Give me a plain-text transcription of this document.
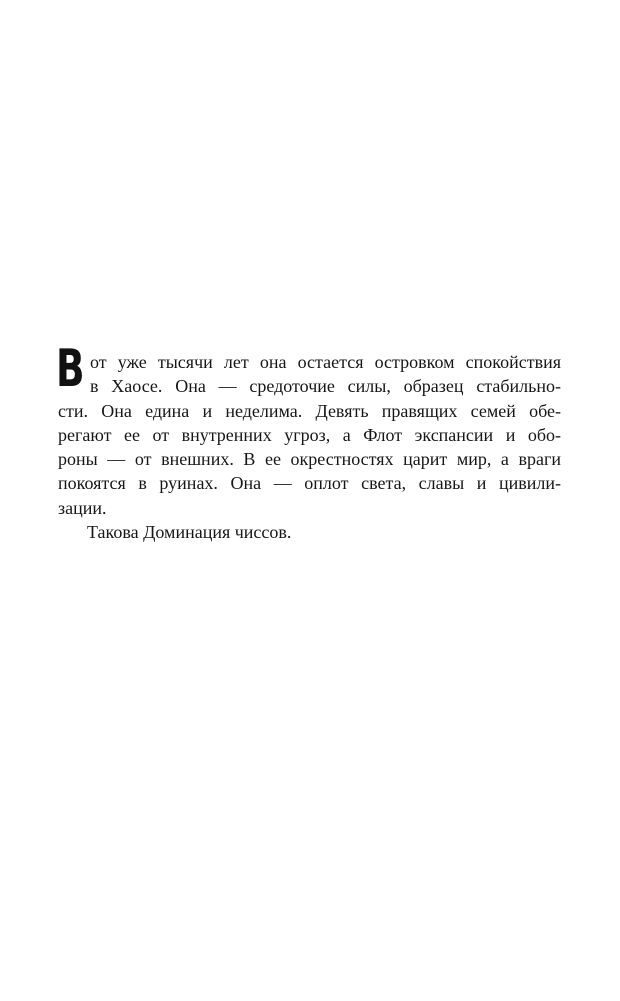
В от уже тысячи лет она остается островком спокойствия
в Хаосе. Она — средоточие силы, образец стабильно-
сти. Она едина и неделима. Девять правящих семей обе-
регают ее от внутренних угроз, а Флот экспансии и обо-
роны — от внешних. В ее окрестностях царит мир, а враги
покоятся в руинах. Она — оплот света, славы и цивили-
зации.
Такова Доминация чиссов.
